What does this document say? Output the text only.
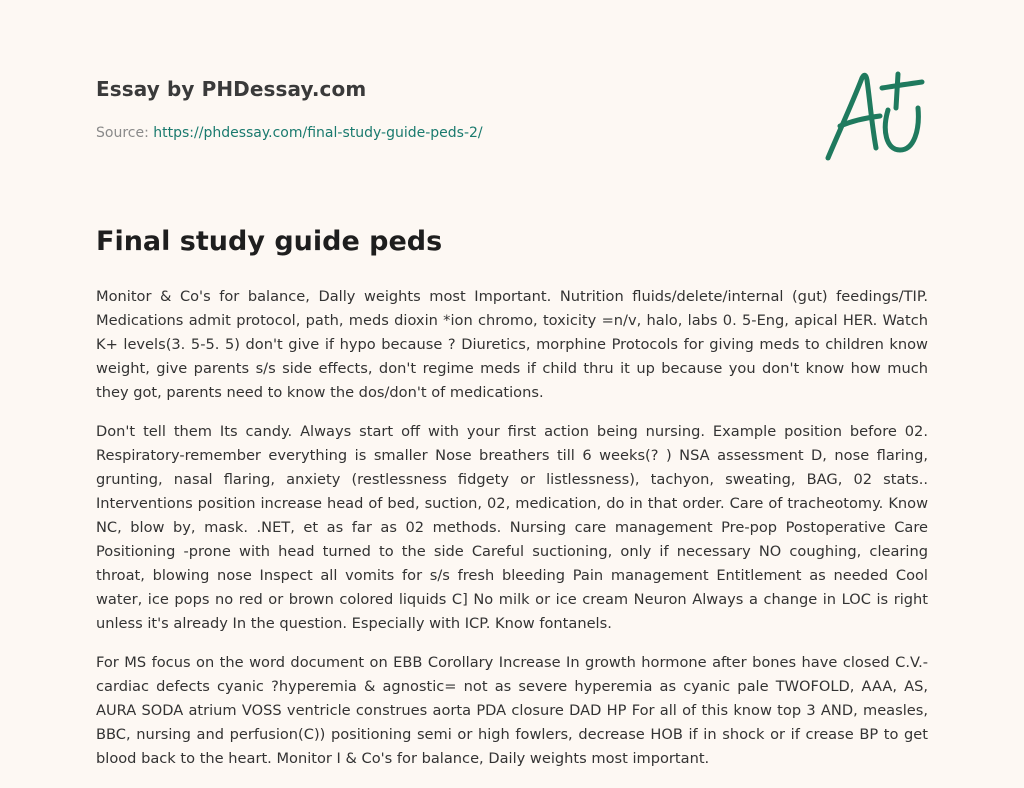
Essay by PHDessay.com
Source: https://phdessay.com/final-study-guide-peds-2/
Final study guide peds

Monitor & Co's for balance, Dally weights most Important. Nutrition fluids/delete/internal (gut) feedings/TIP. Medications admit protocol, path, meds dioxin *ion chromo, toxicity =n/v, halo, labs 0. 5-Eng, apical HER. Watch K+ levels(3. 5-5. 5) don't give if hypo because ? Diuretics, morphine Protocols for giving meds to children know weight, give parents s/s side effects, don't regime meds if child thru it up because you don't know how much they got, parents need to know the dos/don't of medications.

Don't tell them Its candy. Always start off with your first action being nursing. Example position before 02. Respiratory-remember everything is smaller Nose breathers till 6 weeks(? ) NSA assessment D, nose flaring, grunting, nasal flaring, anxiety (restlessness fidgety or listlessness), tachyon, sweating, BAG, 02 stats.. Interventions position increase head of bed, suction, 02, medication, do in that order. Care of tracheotomy. Know NC, blow by, mask. .NET, et as far as 02 methods. Nursing care management Pre-pop Postoperative Care Positioning -prone with head turned to the side Careful suctioning, only if necessary NO coughing, clearing throat, blowing nose Inspect all vomits for s/s fresh bleeding Pain management Entitlement as needed Cool water, ice pops no red or brown colored liquids C] No milk or ice cream Neuron Always a change in LOC is right unless it's already In the question. Especially with ICP. Know fontanels.

For MS focus on the word document on EBB Corollary Increase In growth hormone after bones have closed C.V.-cardiac defects cyanic ?hyperemia & agnostic= not as severe hyperemia as cyanic pale TWOFOLD, AAA, AS, AURA SODA atrium VOSS ventricle construes aorta PDA closure DAD HP For all of this know top 3 AND, measles, BBC, nursing and perfusion(C)) positioning semi or high fowlers, decrease HOB if in shock or if crease BP to get blood back to the heart. Monitor I & Co's for balance, Daily weights most important.
